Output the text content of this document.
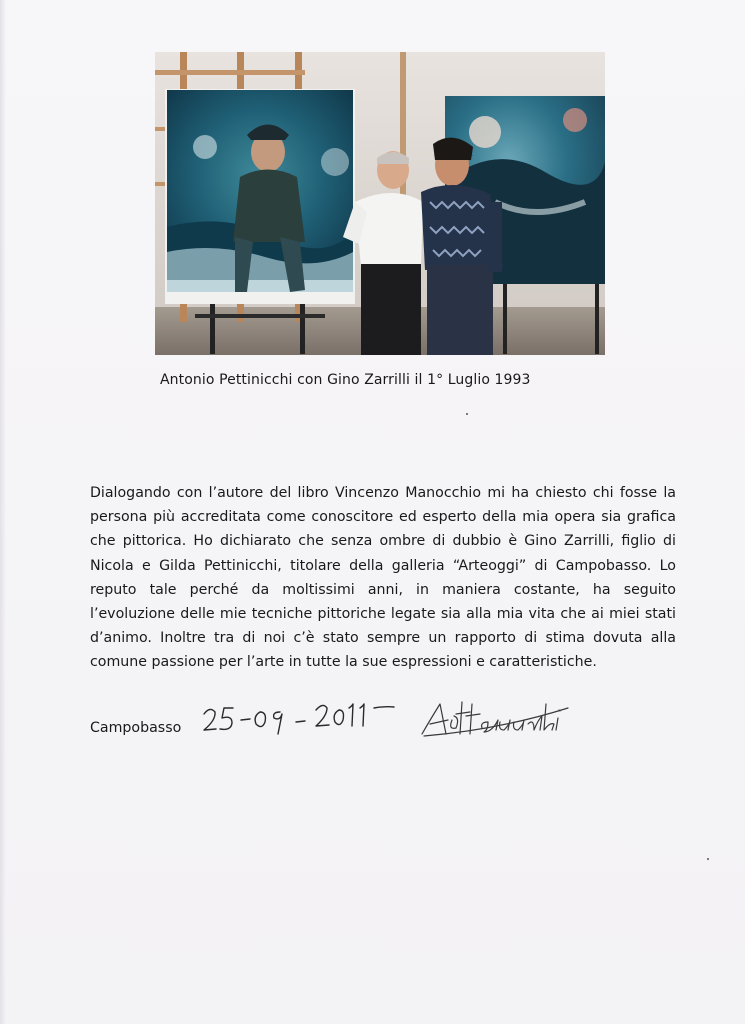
Antonio Pettinicchi con Gino Zarrilli il 1° Luglio 1993

Dialogando con l’autore del libro Vincenzo Manocchio mi ha chiesto chi fosse la persona più accreditata come conoscitore ed esperto della mia opera sia grafica che pittorica. Ho dichiarato che senza ombre di dubbio è Gino Zarrilli, figlio di Nicola e Gilda Pettinicchi, titolare della galleria “Arteoggi” di Campobasso. Lo reputo tale perché da moltissimi anni, in maniera costante, ha seguito l’evoluzione delle mie tecniche pittoriche legate sia alla mia vita che ai miei stati d’animo. Inoltre tra di noi c’è stato sempre un rapporto di stima dovuta alla comune passione per l’arte in tutte la sue espressioni e caratteristiche.

Campobasso
